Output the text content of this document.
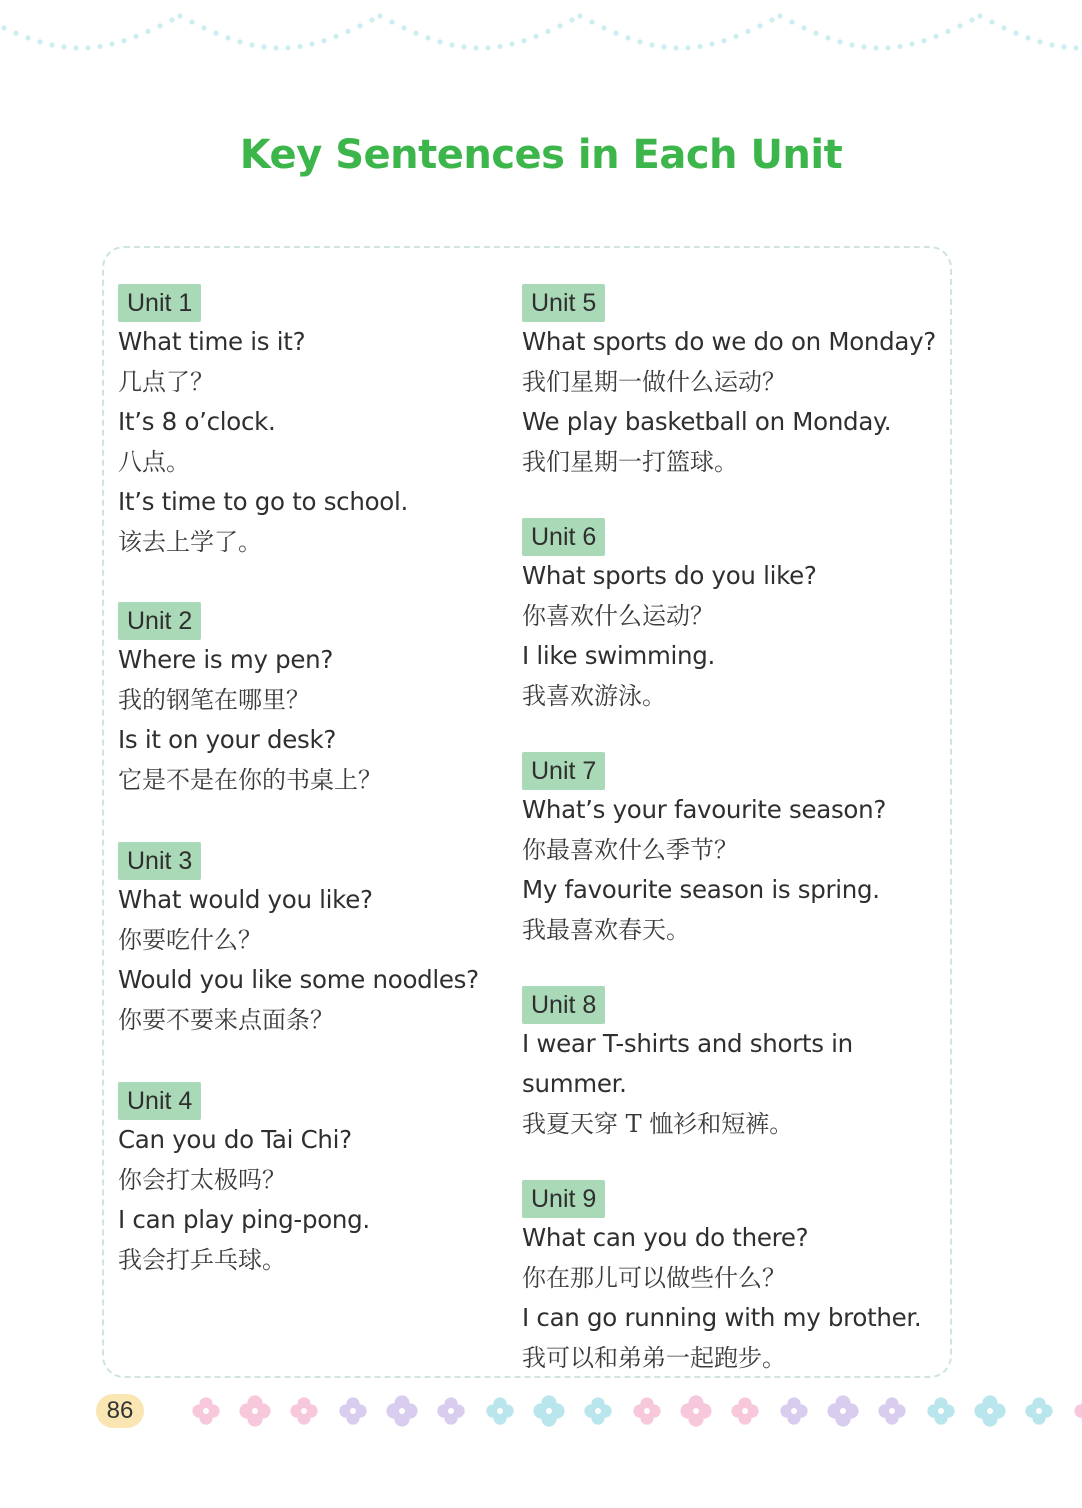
Key Sentences in Each Unit
Unit 1
What time is it?
几点了？
It’s 8 o’clock.
八点。
It’s time to go to school.
该去上学了。
Unit 2
Where is my pen?
我的钢笔在哪里？
Is it on your desk?
它是不是在你的书桌上？
Unit 3
What would you like?
你要吃什么？
Would you like some noodles?
你要不要来点面条？
Unit 4
Can you do Tai Chi?
你会打太极吗？
I can play ping-pong.
我会打乒乓球。
Unit 5
What sports do we do on Monday?
我们星期一做什么运动？
We play basketball on Monday.
我们星期一打篮球。
Unit 6
What sports do you like?
你喜欢什么运动？
I like swimming.
我喜欢游泳。
Unit 7
What’s your favourite season?
你最喜欢什么季节？
My favourite season is spring.
我最喜欢春天。
Unit 8
I wear T-shirts and shorts in summer.
我夏天穿 T 恤衫和短裤。
Unit 9
What can you do there?
你在那儿可以做些什么？
I can go running with my brother.
我可以和弟弟一起跑步。
86
